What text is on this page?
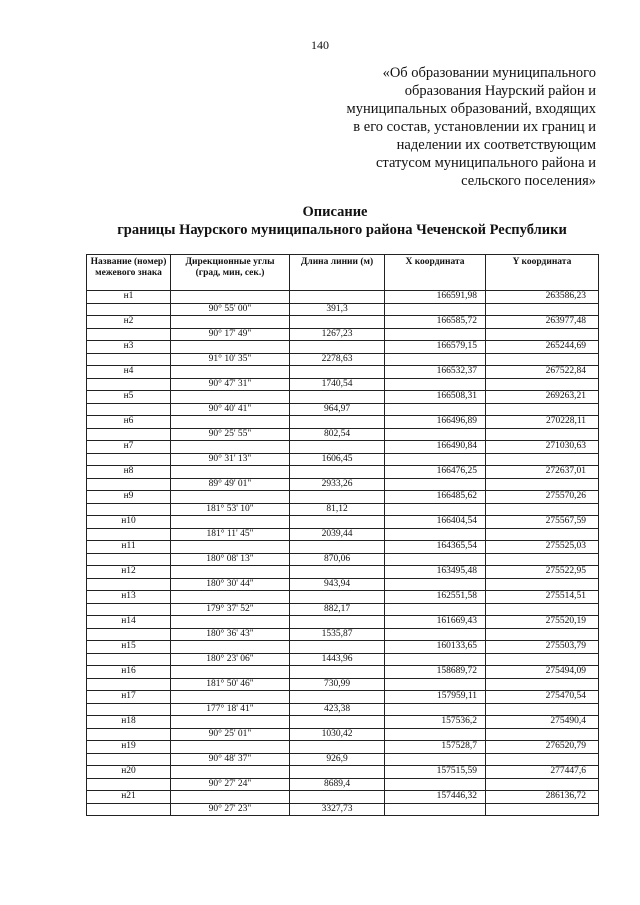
140
«Об образовании муниципального
образования Наурский район и
муниципальных образований, входящих
в его состав, установлении их границ и
наделении их соответствующим
статусом муниципального района и
сельского поселения»
Описание
границы Наурского муниципального района Чеченской Республики
Название (номер) межевого знака	Дирекционные углы (град, мин, сек.)	Длина линии (м)	X координата	Y координата
н1			166591,98	263586,23
	90° 55' 00"	391,3		
н2			166585,72	263977,48
	90° 17' 49"	1267,23		
н3			166579,15	265244,69
	91° 10' 35"	2278,63		
н4			166532,37	267522,84
	90° 47' 31"	1740,54		
н5			166508,31	269263,21
	90° 40' 41"	964,97		
н6			166496,89	270228,11
	90° 25' 55"	802,54		
н7			166490,84	271030,63
	90° 31' 13"	1606,45		
н8			166476,25	272637,01
	89° 49' 01"	2933,26		
н9			166485,62	275570,26
	181° 53' 10"	81,12		
н10			166404,54	275567,59
	181° 11' 45"	2039,44		
н11			164365,54	275525,03
	180° 08' 13"	870,06		
н12			163495,48	275522,95
	180° 30' 44"	943,94		
н13			162551,58	275514,51
	179° 37' 52"	882,17		
н14			161669,43	275520,19
	180° 36' 43"	1535,87		
н15			160133,65	275503,79
	180° 23' 06"	1443,96		
н16			158689,72	275494,09
	181° 50' 46"	730,99		
н17			157959,11	275470,54
	177° 18' 41"	423,38		
н18			157536,2	275490,4
	90° 25' 01"	1030,42		
н19			157528,7	276520,79
	90° 48' 37"	926,9		
н20			157515,59	277447,6
	90° 27' 24"	8689,4		
н21			157446,32	286136,72
	90° 27' 23"	3327,73		
